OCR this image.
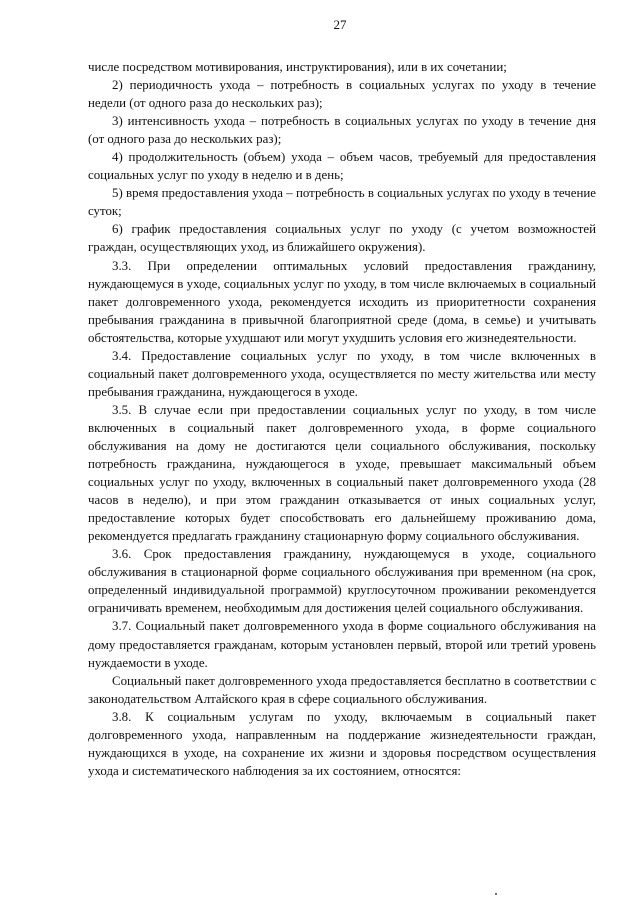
27

числе посредством мотивирования, инструктирования), или в их сочетании;

2) периодичность ухода – потребность в социальных услугах по уходу в течение недели (от одного раза до нескольких раз);

3) интенсивность ухода – потребность в социальных услугах по уходу в течение дня (от одного раза до нескольких раз);

4) продолжительность (объем) ухода – объем часов, требуемый для предоставления социальных услуг по уходу в неделю и в день;

5) время предоставления ухода – потребность в социальных услугах по уходу в течение суток;

6) график предоставления социальных услуг по уходу (с учетом возможностей граждан, осуществляющих уход, из ближайшего окружения).

3.3. При определении оптимальных условий предоставления гражданину, нуждающемуся в уходе, социальных услуг по уходу, в том числе включаемых в социальный пакет долговременного ухода, рекомендуется исходить из приоритетности сохранения пребывания гражданина в привычной благоприятной среде (дома, в семье) и учитывать обстоятельства, которые ухудшают или могут ухудшить условия его жизнедеятельности.

3.4. Предоставление социальных услуг по уходу, в том числе включенных в социальный пакет долговременного ухода, осуществляется по месту жительства или месту пребывания гражданина, нуждающегося в уходе.

3.5. В случае если при предоставлении социальных услуг по уходу, в том числе включенных в социальный пакет долговременного ухода, в форме социального обслуживания на дому не достигаются цели социального обслуживания, поскольку потребность гражданина, нуждающегося в уходе, превышает максимальный объем социальных услуг по уходу, включенных в социальный пакет долговременного ухода (28 часов в неделю), и при этом гражданин отказывается от иных социальных услуг, предоставление которых будет способствовать его дальнейшему проживанию дома, рекомендуется предлагать гражданину стационарную форму социального обслуживания.

3.6. Срок предоставления гражданину, нуждающемуся в уходе, социального обслуживания в стационарной форме социального обслуживания при временном (на срок, определенный индивидуальной программой) круглосуточном проживании рекомендуется ограничивать временем, необходимым для достижения целей социального обслуживания.

3.7. Социальный пакет долговременного ухода в форме социального обслуживания на дому предоставляется гражданам, которым установлен первый, второй или третий уровень нуждаемости в уходе.

Социальный пакет долговременного ухода предоставляется бесплатно в соответствии с законодательством Алтайского края в сфере социального обслуживания.

3.8. К социальным услугам по уходу, включаемым в социальный пакет долговременного ухода, направленным на поддержание жизнедеятельности граждан, нуждающихся в уходе, на сохранение их жизни и здоровья посредством осуществления ухода и систематического наблюдения за их состоянием, относятся:
